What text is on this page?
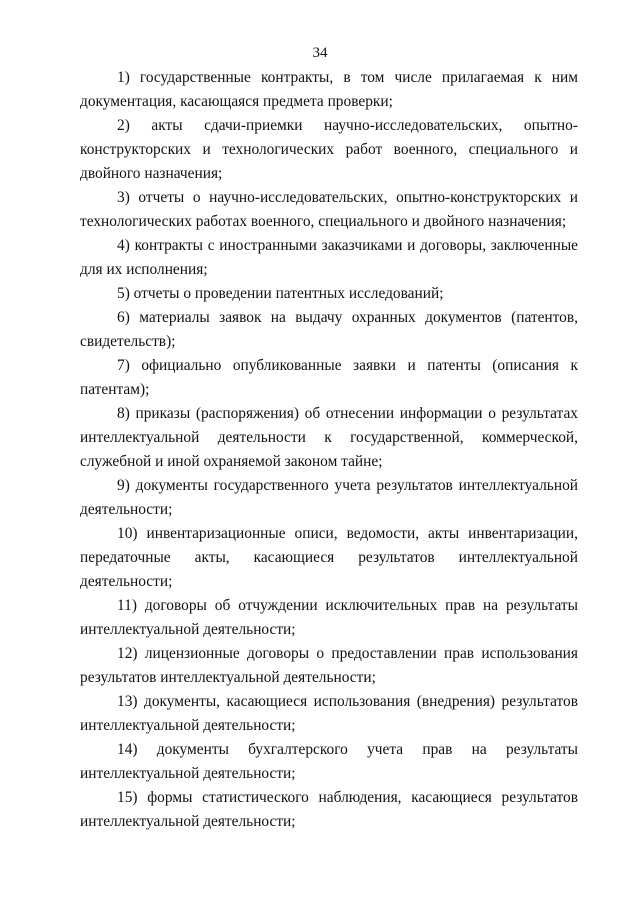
34

1) государственные контракты, в том числе прилагаемая к ним документация, касающаяся предмета проверки;

2) акты сдачи-приемки научно-исследовательских, опытно-конструкторских и технологических работ военного, специального и двойного назначения;

3) отчеты о научно-исследовательских, опытно-конструкторских и технологических работах военного, специального и двойного назначения;

4) контракты с иностранными заказчиками и договоры, заключенные для их исполнения;

5) отчеты о проведении патентных исследований;

6) материалы заявок на выдачу охранных документов (патентов, свидетельств);

7) официально опубликованные заявки и патенты (описания к патентам);

8) приказы (распоряжения) об отнесении информации о результатах интеллектуальной деятельности к государственной, коммерческой, служебной и иной охраняемой законом тайне;

9) документы государственного учета результатов интеллектуальной деятельности;

10) инвентаризационные описи, ведомости, акты инвентаризации, передаточные акты, касающиеся результатов интеллектуальной деятельности;

11) договоры об отчуждении исключительных прав на результаты интеллектуальной деятельности;

12) лицензионные договоры о предоставлении прав использования результатов интеллектуальной деятельности;

13) документы, касающиеся использования (внедрения) результатов интеллектуальной деятельности;

14) документы бухгалтерского учета прав на результаты интеллектуальной деятельности;

15) формы статистического наблюдения, касающиеся результатов интеллектуальной деятельности;
